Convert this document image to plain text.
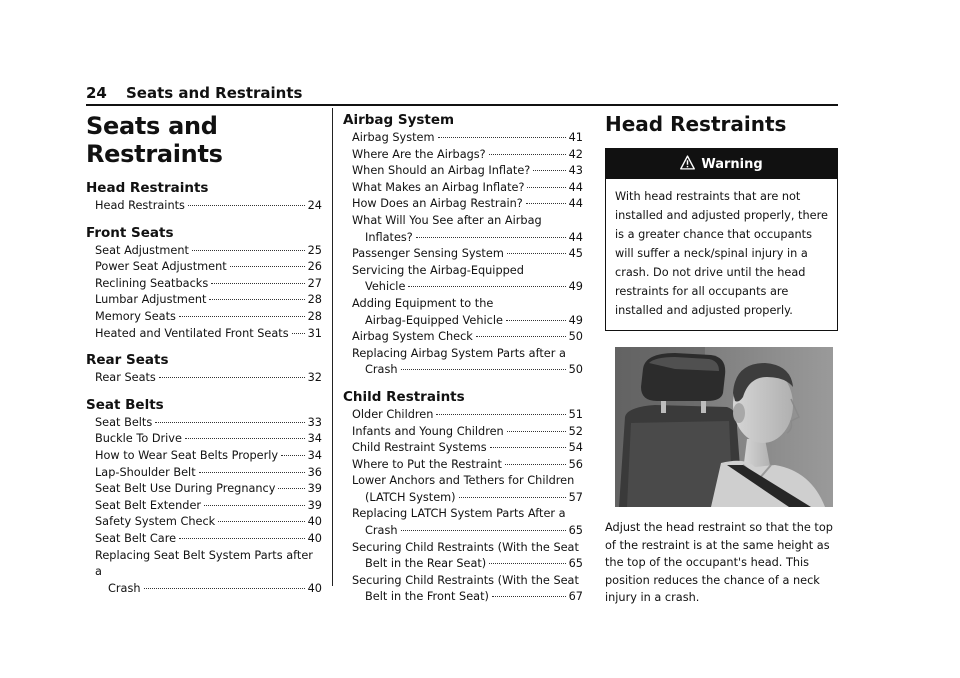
24 Seats and Restraints
Seats and Restraints
Head Restraints
Head Restraints	24
Front Seats
Seat Adjustment	25
Power Seat Adjustment	26
Reclining Seatbacks	27
Lumbar Adjustment	28
Memory Seats	28
Heated and Ventilated Front Seats 31
Rear Seats
Rear Seats	32
Seat Belts
Seat Belts	33
Buckle To Drive	34
How to Wear Seat Belts Properly	34
Lap-Shoulder Belt	36
Seat Belt Use During Pregnancy	39
Seat Belt Extender	39
Safety System Check	40
Seat Belt Care	40
Replacing Seat Belt System Parts after a
Crash	40
Airbag System
Airbag System	41
Where Are the Airbags?	42
When Should an Airbag Inflate?	43
What Makes an Airbag Inflate?	44
How Does an Airbag Restrain?	44
What Will You See after an Airbag
Inflates?	44
Passenger Sensing System	45
Servicing the Airbag-Equipped
Vehicle	49
Adding Equipment to the
Airbag-Equipped Vehicle	49
Airbag System Check	50
Replacing Airbag System Parts after a
Crash	50
Child Restraints
Older Children	51
Infants and Young Children	52
Child Restraint Systems	54
Where to Put the Restraint	56
Lower Anchors and Tethers for Children
(LATCH System)	57
Replacing LATCH System Parts After a
Crash	65
Securing Child Restraints (With the Seat
Belt in the Rear Seat)	65
Securing Child Restraints (With the Seat
Belt in the Front Seat)	67
Head Restraints
Warning
With head restraints that are not installed and adjusted properly, there is a greater chance that occupants will suffer a neck/spinal injury in a crash. Do not drive until the head restraints for all occupants are installed and adjusted properly.
Adjust the head restraint so that the top of the restraint is at the same height as the top of the occupant's head. This position reduces the chance of a neck injury in a crash.
